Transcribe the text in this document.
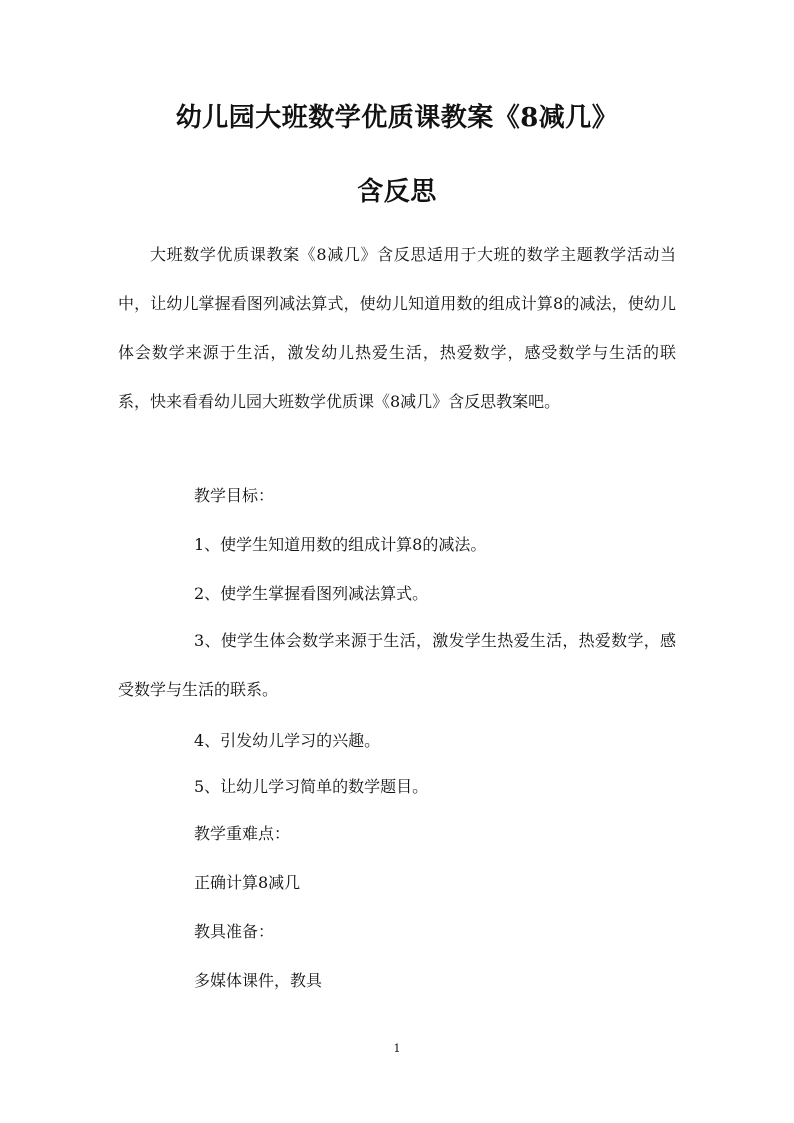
幼儿园大班数学优质课教案《8减几》
含反思
大班数学优质课教案《8减几》含反思适用于大班的数学主题教学活动当中，让幼儿掌握看图列减法算式，使幼儿知道用数的组成计算8的减法，使幼儿体会数学来源于生活，激发幼儿热爱生活，热爱数学，感受数学与生活的联系，快来看看幼儿园大班数学优质课《8减几》含反思教案吧。
教学目标：
1、使学生知道用数的组成计算8的减法。
2、使学生掌握看图列减法算式。
3、使学生体会数学来源于生活，激发学生热爱生活，热爱数学，感受数学与生活的联系。
4、引发幼儿学习的兴趣。
5、让幼儿学习简单的数学题目。
教学重难点：
正确计算8减几
教具准备：
多媒体课件，教具
1
